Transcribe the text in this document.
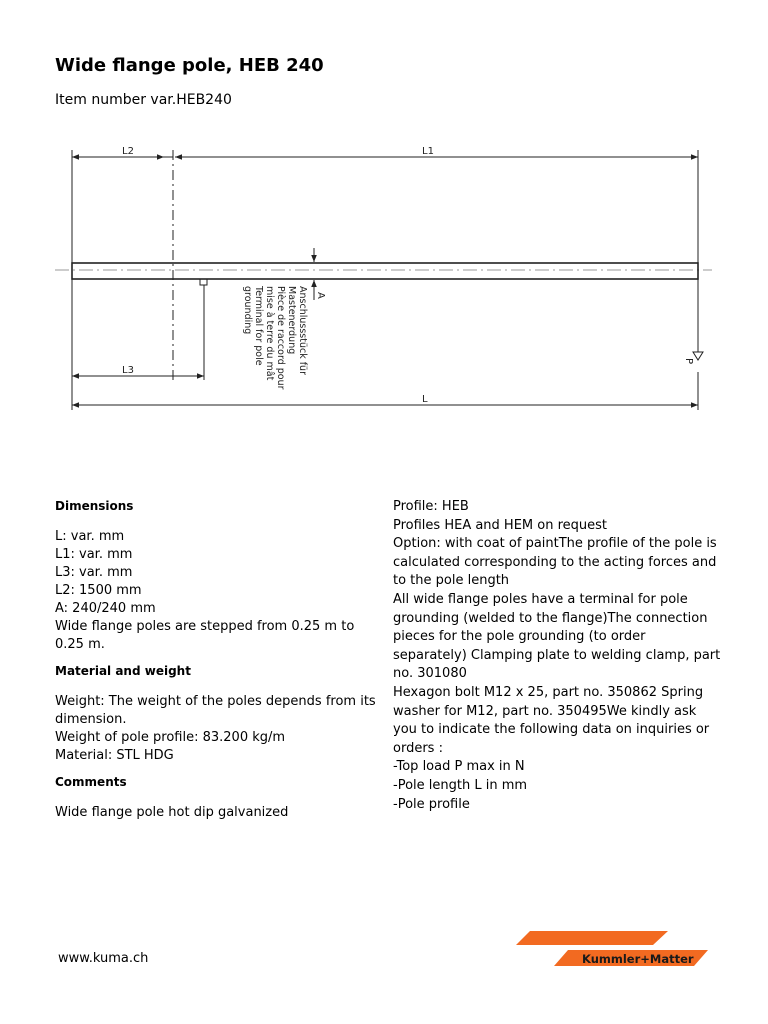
Wide flange pole, HEB 240
Item number var.HEB240
L2	L1
L3
L
A
P
Anschlussstück für
Mastenerdung
Pièce de raccord pour
mise à terre du mât
Terminal for pole
grounding
Dimensions

L: var. mm

L1: var. mm

L3: var. mm

L2: 1500 mm

A: 240/240 mm

Wide flange poles are stepped from 0.25 m to 0.25 m.

Material and weight

Weight: The weight of the poles depends from its dimension.

Weight of pole profile: 83.200 kg/m

Material: STL HDG

Comments

Wide flange pole hot dip galvanized

Profile: HEB

Profiles HEA and HEM on request

Option: with coat of paintThe profile of the pole is calculated corresponding to the acting forces and to the pole length

All wide flange poles have a terminal for pole grounding (welded to the flange)The connection pieces for the pole grounding (to order separately) Clamping plate to welding clamp, part no. 301080

Hexagon bolt M12 x 25, part no. 350862 Spring washer for M12, part no. 350495We kindly ask you to indicate the following data on inquiries or orders :

-Top load P max in N

-Pole length L in mm

-Pole profile

www.kuma.ch	Kummler+Matter
